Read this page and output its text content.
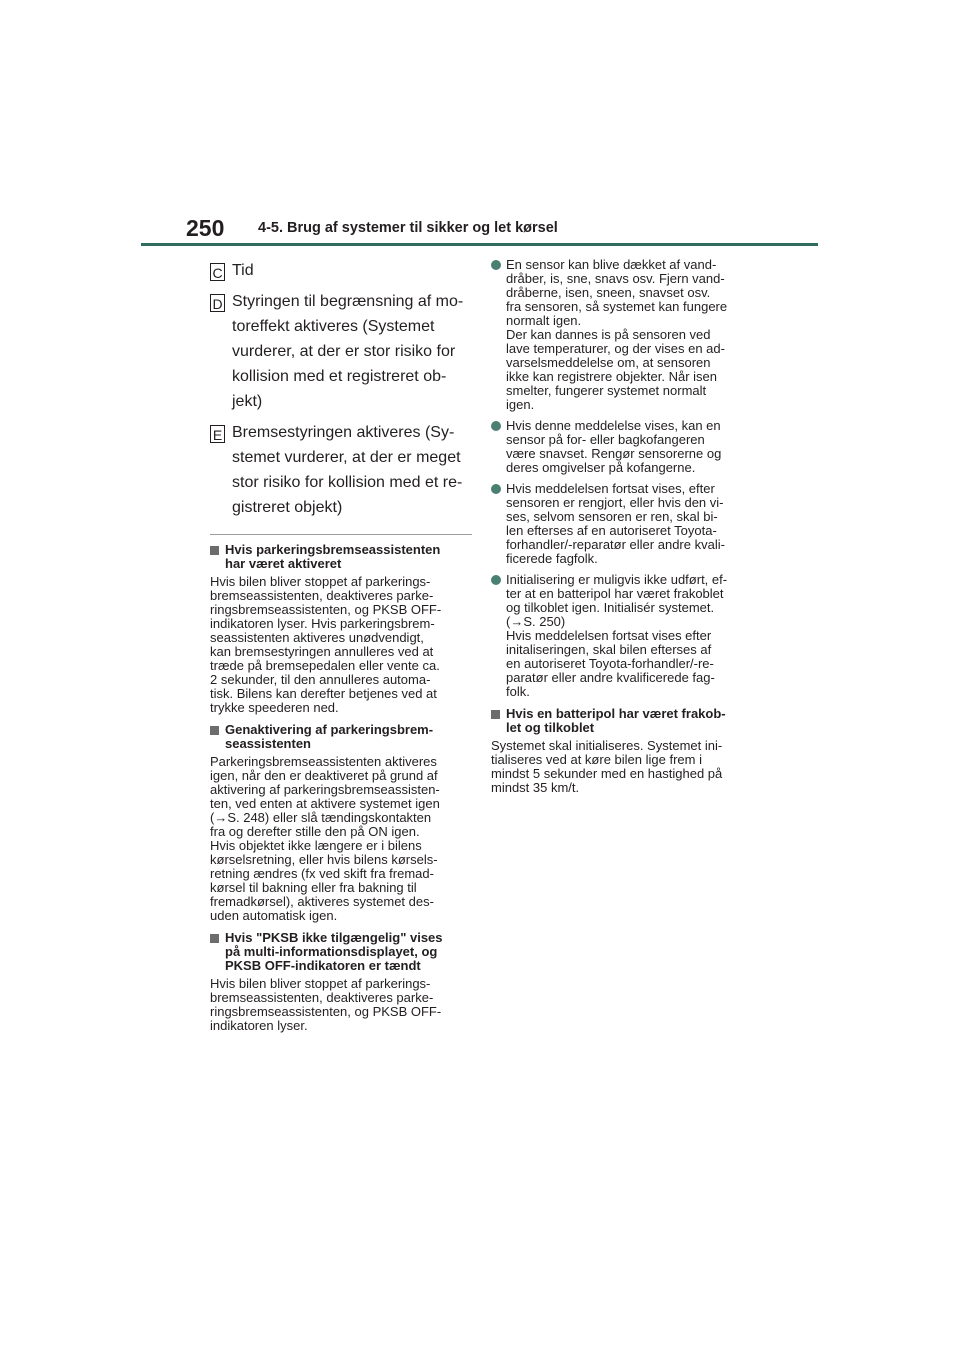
250 4-5. Brug af systemer til sikker og let kørsel
C Tid
D Styringen til begrænsning af mo-
toreffekt aktiveres (Systemet
vurderer, at der er stor risiko for
kollision med et registreret ob-
jekt)
E Bremsestyringen aktiveres (Sy-
stemet vurderer, at der er meget
stor risiko for kollision med et re-
gistreret objekt)
Hvis parkeringsbremseassistenten
har været aktiveret
Hvis bilen bliver stoppet af parkerings-
bremseassistenten, deaktiveres parke-
ringsbremseassistenten, og PKSB OFF-
indikatoren lyser. Hvis parkeringsbrem-
seassistenten aktiveres unødvendigt,
kan bremsestyringen annulleres ved at
træde på bremsepedalen eller vente ca.
2 sekunder, til den annulleres automa-
tisk. Bilens kan derefter betjenes ved at
trykke speederen ned.
Genaktivering af parkeringsbrem-
seassistenten
Parkeringsbremseassistenten aktiveres
igen, når den er deaktiveret på grund af
aktivering af parkeringsbremseassisten-
ten, ved enten at aktivere systemet igen
(→S. 248) eller slå tændingskontakten
fra og derefter stille den på ON igen.
Hvis objektet ikke længere er i bilens
kørselsretning, eller hvis bilens kørsels-
retning ændres (fx ved skift fra fremad-
kørsel til bakning eller fra bakning til
fremadkørsel), aktiveres systemet des-
uden automatisk igen.
Hvis "PKSB ikke tilgængelig" vises
på multi-informationsdisplayet, og
PKSB OFF-indikatoren er tændt
Hvis bilen bliver stoppet af parkerings-
bremseassistenten, deaktiveres parke-
ringsbremseassistenten, og PKSB OFF-
indikatoren lyser.
En sensor kan blive dækket af vand-
dråber, is, sne, snavs osv. Fjern vand-
dråberne, isen, sneen, snavset osv.
fra sensoren, så systemet kan fungere
normalt igen.
Der kan dannes is på sensoren ved
lave temperaturer, og der vises en ad-
varselsmeddelelse om, at sensoren
ikke kan registrere objekter. Når isen
smelter, fungerer systemet normalt
igen.
Hvis denne meddelelse vises, kan en
sensor på for- eller bagkofangeren
være snavset. Rengør sensorerne og
deres omgivelser på kofangerne.
Hvis meddelelsen fortsat vises, efter
sensoren er rengjort, eller hvis den vi-
ses, selvom sensoren er ren, skal bi-
len efterses af en autoriseret Toyota-
forhandler/-reparatør eller andre kvali-
ficerede fagfolk.
Initialisering er muligvis ikke udført, ef-
ter at en batteripol har været frakoblet
og tilkoblet igen. Initialisér systemet.
(→S. 250)
Hvis meddelelsen fortsat vises efter
initaliseringen, skal bilen efterses af
en autoriseret Toyota-forhandler/-re-
paratør eller andre kvalificerede fag-
folk.
Hvis en batteripol har været frakob-
let og tilkoblet
Systemet skal initialiseres. Systemet ini-
tialiseres ved at køre bilen lige frem i
mindst 5 sekunder med en hastighed på
mindst 35 km/t.
